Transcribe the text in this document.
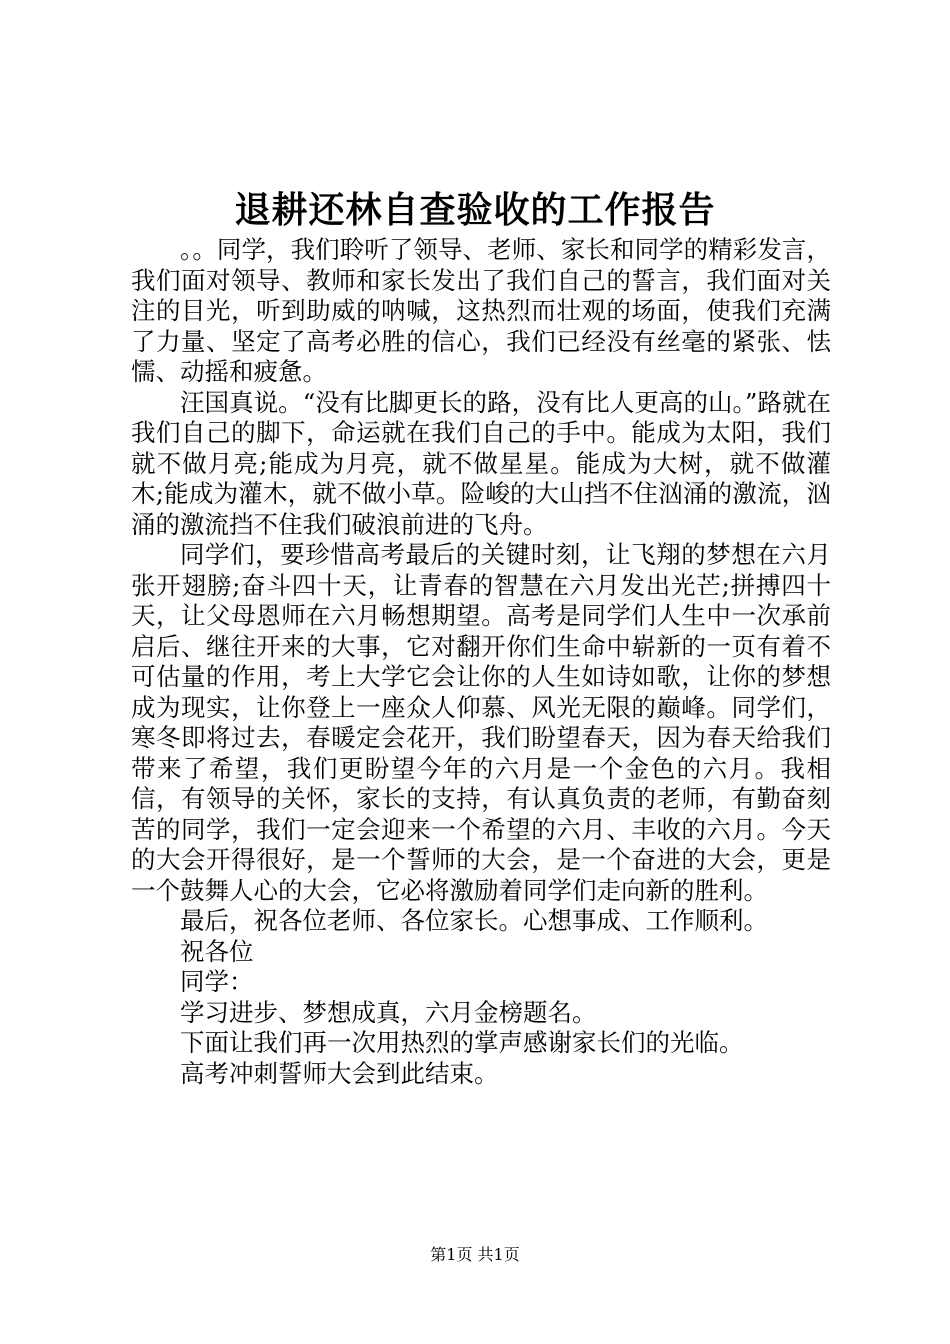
退耕还林自查验收的工作报告

。。同学，我们聆听了领导、老师、家长和同学的精彩发言，我们面对领导、教师和家长发出了我们自己的誓言，我们面对关注的目光，听到助威的呐喊，这热烈而壮观的场面，使我们充满了力量、坚定了高考必胜的信心，我们已经没有丝毫的紧张、怯懦、动摇和疲惫。

汪国真说。“没有比脚更长的路，没有比人更高的山。”路就在我们自己的脚下，命运就在我们自己的手中。能成为太阳，我们就不做月亮;能成为月亮，就不做星星。能成为大树，就不做灌木;能成为灌木，就不做小草。险峻的大山挡不住汹涌的激流，汹涌的激流挡不住我们破浪前进的飞舟。

同学们，要珍惜高考最后的关键时刻，让飞翔的梦想在六月张开翅膀;奋斗四十天，让青春的智慧在六月发出光芒;拼搏四十天，让父母恩师在六月畅想期望。高考是同学们人生中一次承前启后、继往开来的大事，它对翻开你们生命中崭新的一页有着不可估量的作用，考上大学它会让你的人生如诗如歌，让你的梦想成为现实，让你登上一座众人仰慕、风光无限的巅峰。同学们，寒冬即将过去，春暖定会花开，我们盼望春天，因为春天给我们带来了希望，我们更盼望今年的六月是一个金色的六月。我相信，有领导的关怀，家长的支持，有认真负责的老师，有勤奋刻苦的同学，我们一定会迎来一个希望的六月、丰收的六月。今天的大会开得很好，是一个誓师的大会，是一个奋进的大会，更是一个鼓舞人心的大会，它必将激励着同学们走向新的胜利。

最后，祝各位老师、各位家长。心想事成、工作顺利。

祝各位

同学：

学习进步、梦想成真，六月金榜题名。

下面让我们再一次用热烈的掌声感谢家长们的光临。

高考冲刺誓师大会到此结束。

第1页 共1页
